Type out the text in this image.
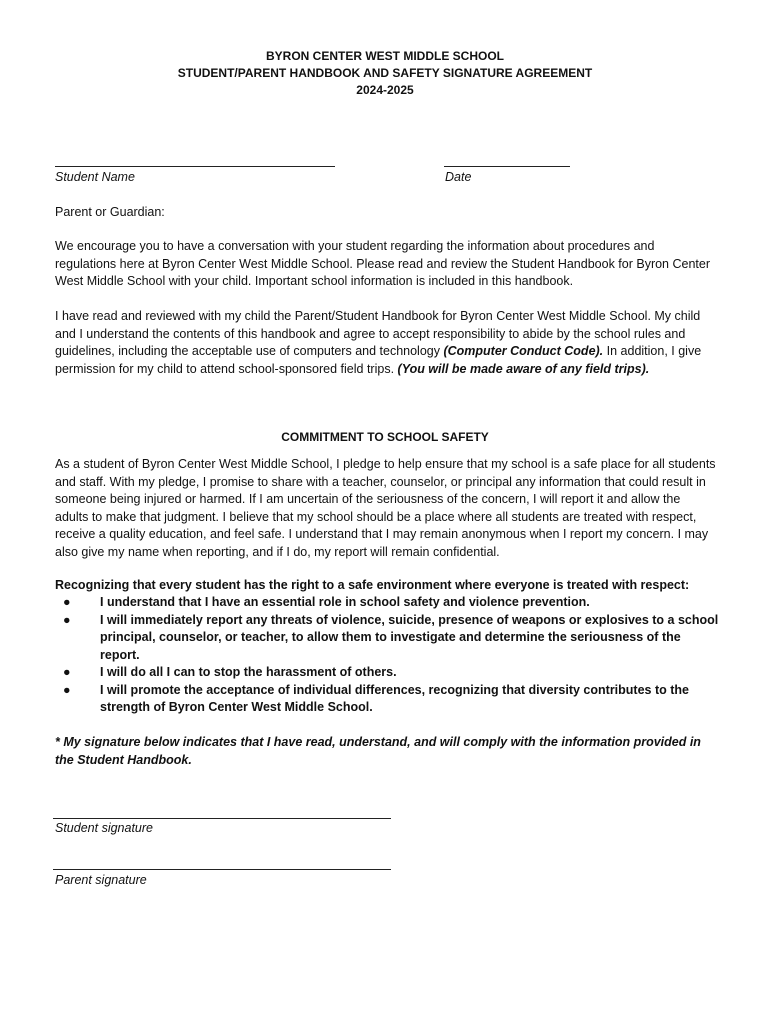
BYRON CENTER WEST MIDDLE SCHOOL
STUDENT/PARENT HANDBOOK AND SAFETY SIGNATURE AGREEMENT
2024-2025
Student Name	Date
Parent or Guardian:

We encourage you to have a conversation with your student regarding the information about procedures and regulations here at Byron Center West Middle School. Please read and review the Student Handbook for Byron Center West Middle School with your child. Important school information is included in this handbook.

I have read and reviewed with my child the Parent/Student Handbook for Byron Center West Middle School. My child and I understand the contents of this handbook and agree to accept responsibility to abide by the school rules and guidelines, including the acceptable use of computers and technology (Computer Conduct Code). In addition, I give permission for my child to attend school-sponsored field trips. (You will be made aware of any field trips).

COMMITMENT TO SCHOOL SAFETY

As a student of Byron Center West Middle School, I pledge to help ensure that my school is a safe place for all students and staff. With my pledge, I promise to share with a teacher, counselor, or principal any information that could result in someone being injured or harmed. If I am uncertain of the seriousness of the concern, I will report it and allow the adults to make that judgment. I believe that my school should be a place where all students are treated with respect, receive a quality education, and feel safe. I understand that I may remain anonymous when I report my concern. I may also give my name when reporting, and if I do, my report will remain confidential.

Recognizing that every student has the right to a safe environment where everyone is treated with respect:

● I understand that I have an essential role in school safety and violence prevention.
● I will immediately report any threats of violence, suicide, presence of weapons or explosives to a school principal, counselor, or teacher, to allow them to investigate and determine the seriousness of the report.
● I will do all I can to stop the harassment of others.
● I will promote the acceptance of individual differences, recognizing that diversity contributes to the strength of Byron Center West Middle School.

* My signature below indicates that I have read, understand, and will comply with the information provided in the Student Handbook.

Student signature
Parent signature
